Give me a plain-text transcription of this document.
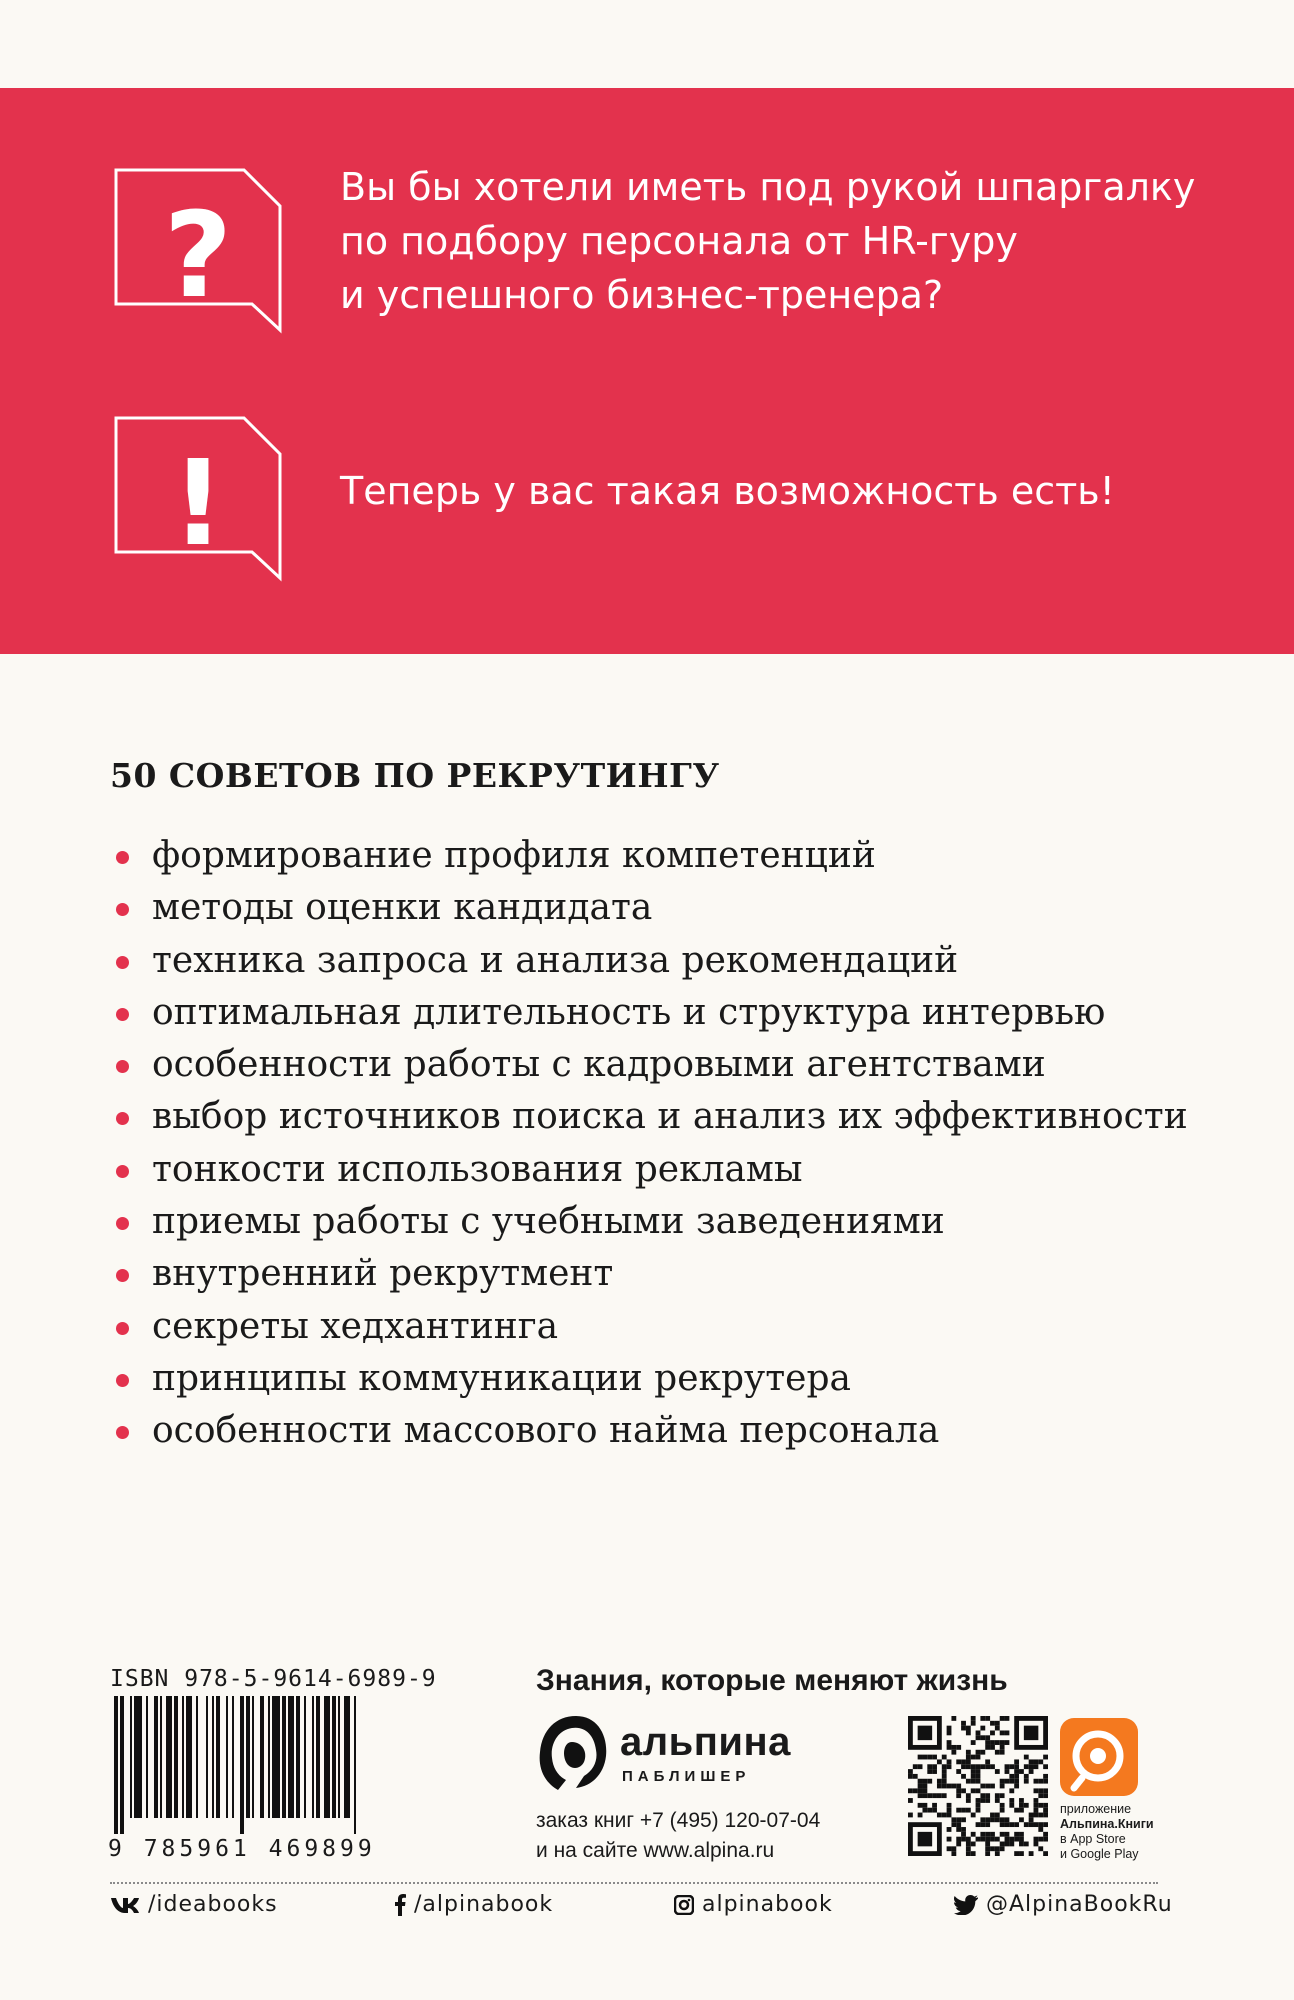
?	Вы бы хотели иметь под рукой шпаргалку
по подбору персонала от HR-гуру
и успешного бизнес-тренера?
!	Теперь у вас такая возможность есть!
50 СОВЕТОВ ПО РЕКРУТИНГУ
формирование профиля компетенций
методы оценки кандидата
техника запроса и анализа рекомендаций
оптимальная длительность и структура интервью
особенности работы с кадровыми агентствами
выбор источников поиска и анализ их эффективности
тонкости использования рекламы
приемы работы с учебными заведениями
внутренний рекрутмент
секреты хедхантинга
принципы коммуникации рекрутера
особенности массового найма персонала
ISBN 978-5-9614-6989-9
9 785961 469899
Знания, которые меняют жизнь
альпина
ПАБЛИШЕР
заказ книг +7 (495) 120-07-04
и на сайте www.alpina.ru
приложение
Альпина.Книги
в App Store
и Google Play
/ideabooks	/alpinabook	alpinabook	@AlpinaBookRu
